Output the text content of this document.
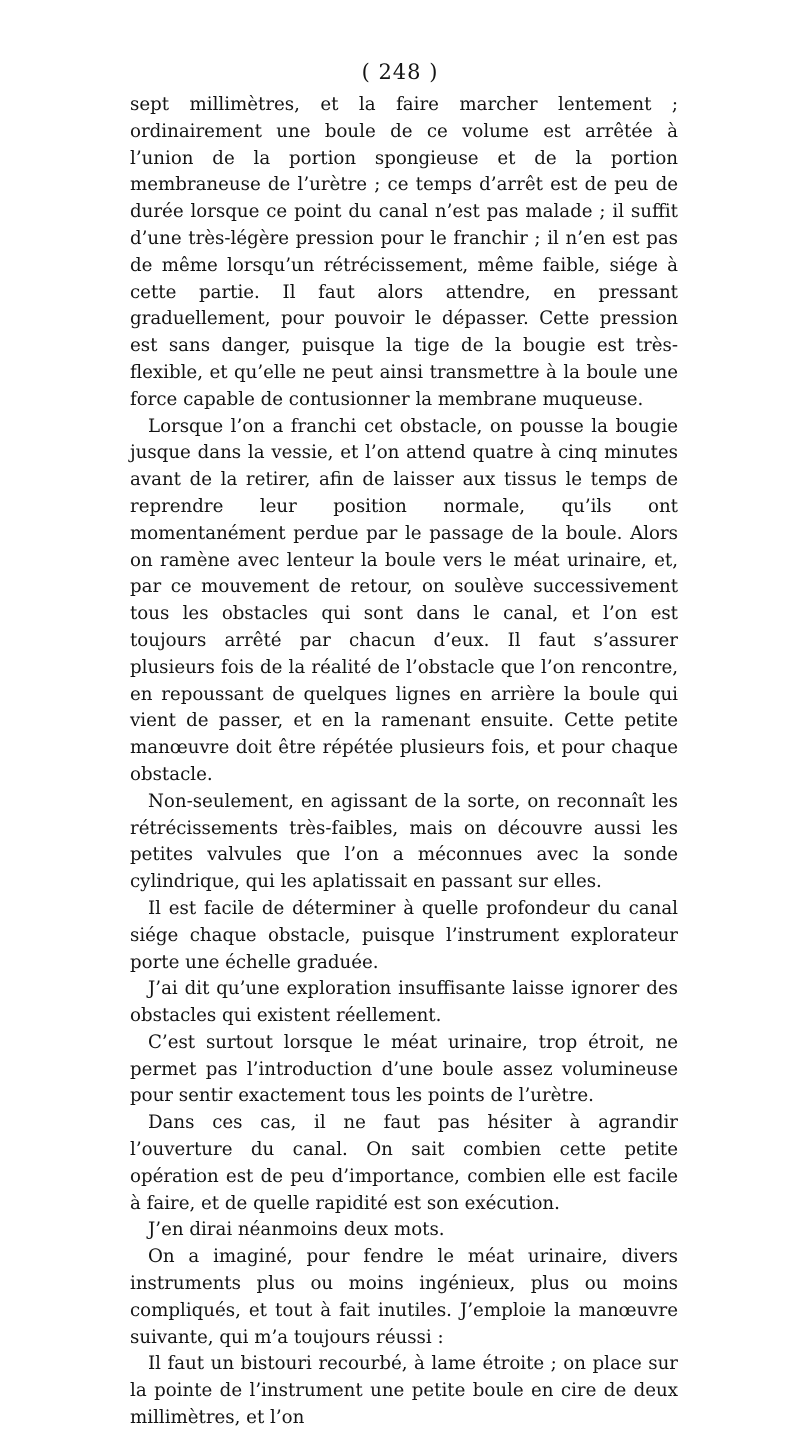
( 248 )

sept millimètres, et la faire marcher lentement ; ordinairement une boule de ce volume est arrêtée à l’union de la portion spongieuse et de la portion membraneuse de l’urètre ; ce temps d’arrêt est de peu de durée lorsque ce point du canal n’est pas malade ; il suffit d’une très-légère pression pour le franchir ; il n’en est pas de même lorsqu’un rétrécissement, même faible, siége à cette partie. Il faut alors attendre, en pressant graduellement, pour pouvoir le dépasser. Cette pression est sans danger, puisque la tige de la bougie est très-flexible, et qu’elle ne peut ainsi transmettre à la boule une force capable de contusionner la membrane muqueuse.

Lorsque l’on a franchi cet obstacle, on pousse la bougie jusque dans la vessie, et l’on attend quatre à cinq minutes avant de la retirer, afin de laisser aux tissus le temps de reprendre leur position normale, qu’ils ont momentanément perdue par le passage de la boule. Alors on ramène avec lenteur la boule vers le méat urinaire, et, par ce mouvement de retour, on soulève successivement tous les obstacles qui sont dans le canal, et l’on est toujours arrêté par chacun d’eux. Il faut s’assurer plusieurs fois de la réalité de l’obstacle que l’on rencontre, en repoussant de quelques lignes en arrière la boule qui vient de passer, et en la ramenant ensuite. Cette petite manœuvre doit être répétée plusieurs fois, et pour chaque obstacle.

Non-seulement, en agissant de la sorte, on reconnaît les rétrécissements très-faibles, mais on découvre aussi les petites valvules que l’on a méconnues avec la sonde cylindrique, qui les aplatissait en passant sur elles.

Il est facile de déterminer à quelle profondeur du canal siége chaque obstacle, puisque l’instrument explorateur porte une échelle graduée.

J’ai dit qu’une exploration insuffisante laisse ignorer des obstacles qui existent réellement.

C’est surtout lorsque le méat urinaire, trop étroit, ne permet pas l’introduction d’une boule assez volumineuse pour sentir exactement tous les points de l’urètre.

Dans ces cas, il ne faut pas hésiter à agrandir l’ouverture du canal. On sait combien cette petite opération est de peu d’importance, combien elle est facile à faire, et de quelle rapidité est son exécution.

J’en dirai néanmoins deux mots.

On a imaginé, pour fendre le méat urinaire, divers instruments plus ou moins ingénieux, plus ou moins compliqués, et tout à fait inutiles. J’emploie la manœuvre suivante, qui m’a toujours réussi :

Il faut un bistouri recourbé, à lame étroite ; on place sur la pointe de l’instrument une petite boule en cire de deux millimètres, et l’on
